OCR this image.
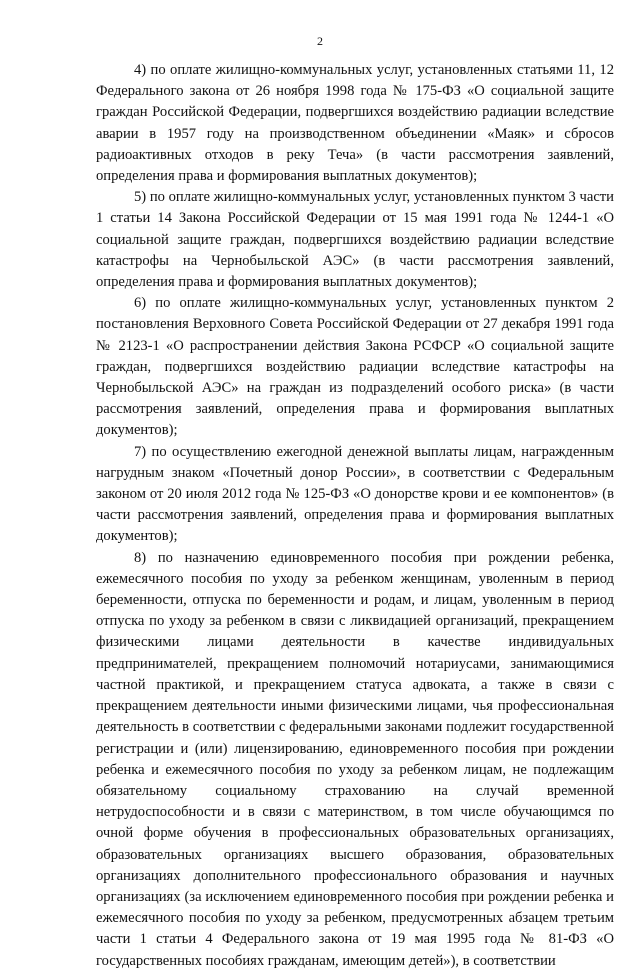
2

4) по оплате жилищно-коммунальных услуг, установленных статьями 11, 12 Федерального закона от 26 ноября 1998 года № 175-ФЗ «О социальной защите граждан Российской Федерации, подвергшихся воздействию радиации вследствие аварии в 1957 году на производственном объединении «Маяк» и сбросов радиоактивных отходов в реку Теча» (в части рассмотрения заявлений, определения права и формирования выплатных документов);

5) по оплате жилищно-коммунальных услуг, установленных пунктом 3 части 1 статьи 14 Закона Российской Федерации от 15 мая 1991 года № 1244-1 «О социальной защите граждан, подвергшихся воздействию радиации вследствие катастрофы на Чернобыльской АЭС» (в части рассмотрения заявлений, определения права и формирования выплатных документов);

6) по оплате жилищно-коммунальных услуг, установленных пунктом 2 постановления Верховного Совета Российской Федерации от 27 декабря 1991 года № 2123-1 «О распространении действия Закона РСФСР «О социальной защите граждан, подвергшихся воздействию радиации вследствие катастрофы на Чернобыльской АЭС» на граждан из подразделений особого риска» (в части рассмотрения заявлений, определения права и формирования выплатных документов);

7) по осуществлению ежегодной денежной выплаты лицам, награжденным нагрудным знаком «Почетный донор России», в соответствии с Федеральным законом от 20 июля 2012 года № 125-ФЗ «О донорстве крови и ее компонентов» (в части рассмотрения заявлений, определения права и формирования выплатных документов);

8) по назначению единовременного пособия при рождении ребенка, ежемесячного пособия по уходу за ребенком женщинам, уволенным в период беременности, отпуска по беременности и родам, и лицам, уволенным в период отпуска по уходу за ребенком в связи с ликвидацией организаций, прекращением физическими лицами деятельности в качестве индивидуальных предпринимателей, прекращением полномочий нотариусами, занимающимися частной практикой, и прекращением статуса адвоката, а также в связи с прекращением деятельности иными физическими лицами, чья профессиональная деятельность в соответствии с федеральными законами подлежит государственной регистрации и (или) лицензированию, единовременного пособия при рождении ребенка и ежемесячного пособия по уходу за ребенком лицам, не подлежащим обязательному социальному страхованию на случай временной нетрудоспособности и в связи с материнством, в том числе обучающимся по очной форме обучения в профессиональных образовательных организациях, образовательных организациях высшего образования, образовательных организациях дополнительного профессионального образования и научных организациях (за исключением единовременного пособия при рождении ребенка и ежемесячного пособия по уходу за ребенком, предусмотренных абзацем третьим части 1 статьи 4 Федерального закона от 19 мая 1995 года № 81-ФЗ «О государственных пособиях гражданам, имеющим детей»), в соответствии
